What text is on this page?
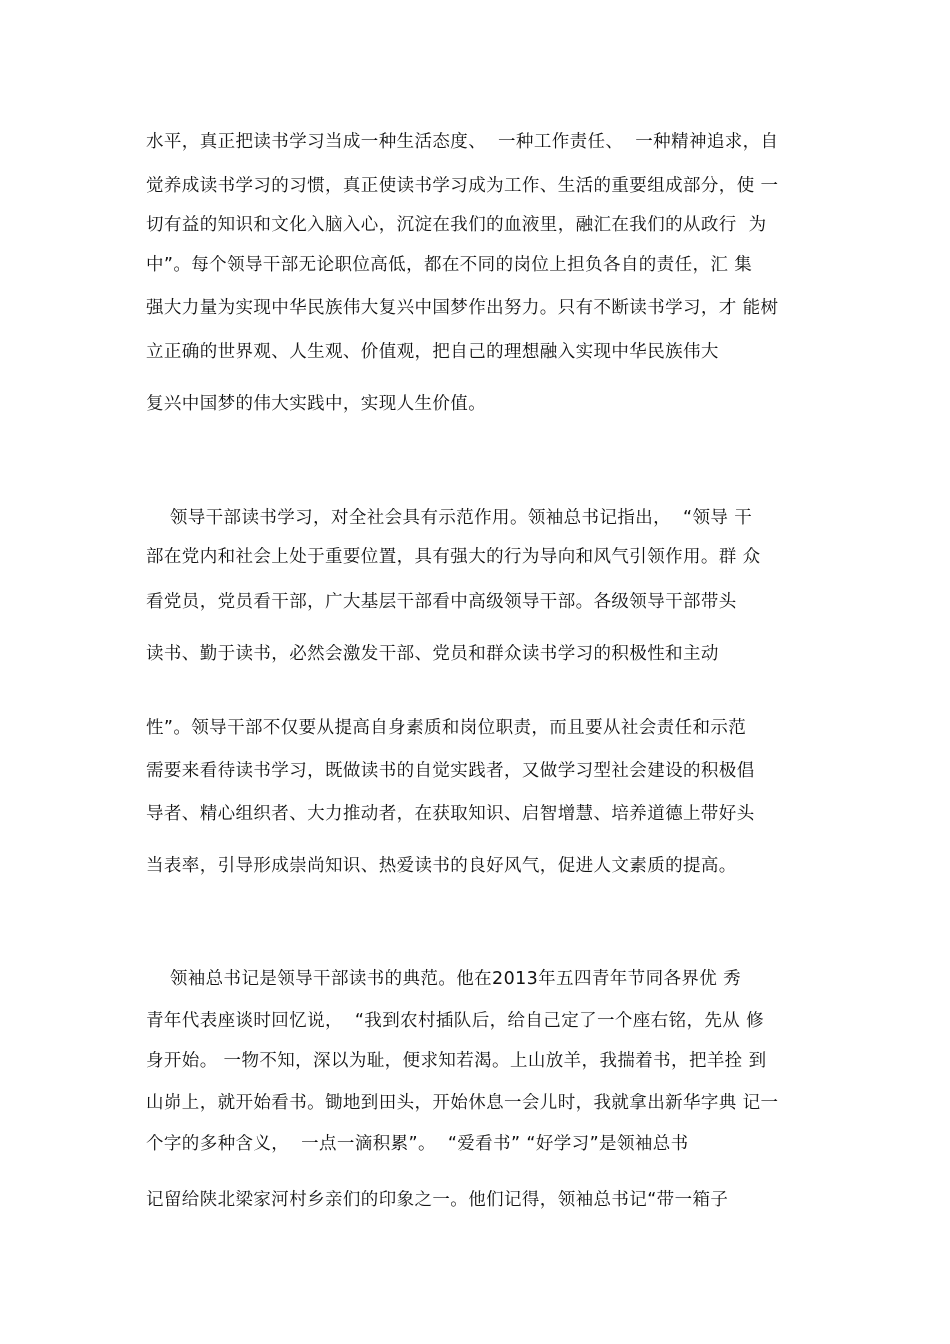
水平，真正把读书学习当成一种生活态度、  一种工作责任、  一种精神追求，自
觉养成读书学习的习惯，真正使读书学习成为工作、生活的重要组成部分，使 一
切有益的知识和文化入脑入心，沉淀在我们的血液里，融汇在我们的从政行  为
中”。每个领导干部无论职位高低，都在不同的岗位上担负各自的责任，汇 集
强大力量为实现中华民族伟大复兴中国梦作出努力。只有不断读书学习，才 能树
立正确的世界观、人生观、价值观，把自己的理想融入实现中华民族伟大
复兴中国梦的伟大实践中，实现人生价值。
领导干部读书学习，对全社会具有示范作用。领袖总书记指出，  “领导 干
部在党内和社会上处于重要位置，具有强大的行为导向和风气引领作用。群 众
看党员，党员看干部，广大基层干部看中高级领导干部。各级领导干部带头
读书、勤于读书，必然会激发干部、党员和群众读书学习的积极性和主动
性”。领导干部不仅要从提高自身素质和岗位职责，而且要从社会责任和示范
需要来看待读书学习，既做读书的自觉实践者，又做学习型社会建设的积极倡
导者、精心组织者、大力推动者，在获取知识、启智增慧、培养道德上带好头
当表率，引导形成崇尚知识、热爱读书的良好风气，促进人文素质的提高。
领袖总书记是领导干部读书的典范。他在2013年五四青年节同各界优 秀
青年代表座谈时回忆说，  “我到农村插队后，给自己定了一个座右铭，先从 修
身开始。 一物不知，深以为耻，便求知若渴。上山放羊，我揣着书，把羊拴 到
山峁上，就开始看书。锄地到田头，开始休息一会儿时，我就拿出新华字典 记一
个字的多种含义，  一点一滴积累”。  “爱看书” “好学习”是领袖总书
记留给陕北梁家河村乡亲们的印象之一。他们记得，领袖总书记“带一箱子
